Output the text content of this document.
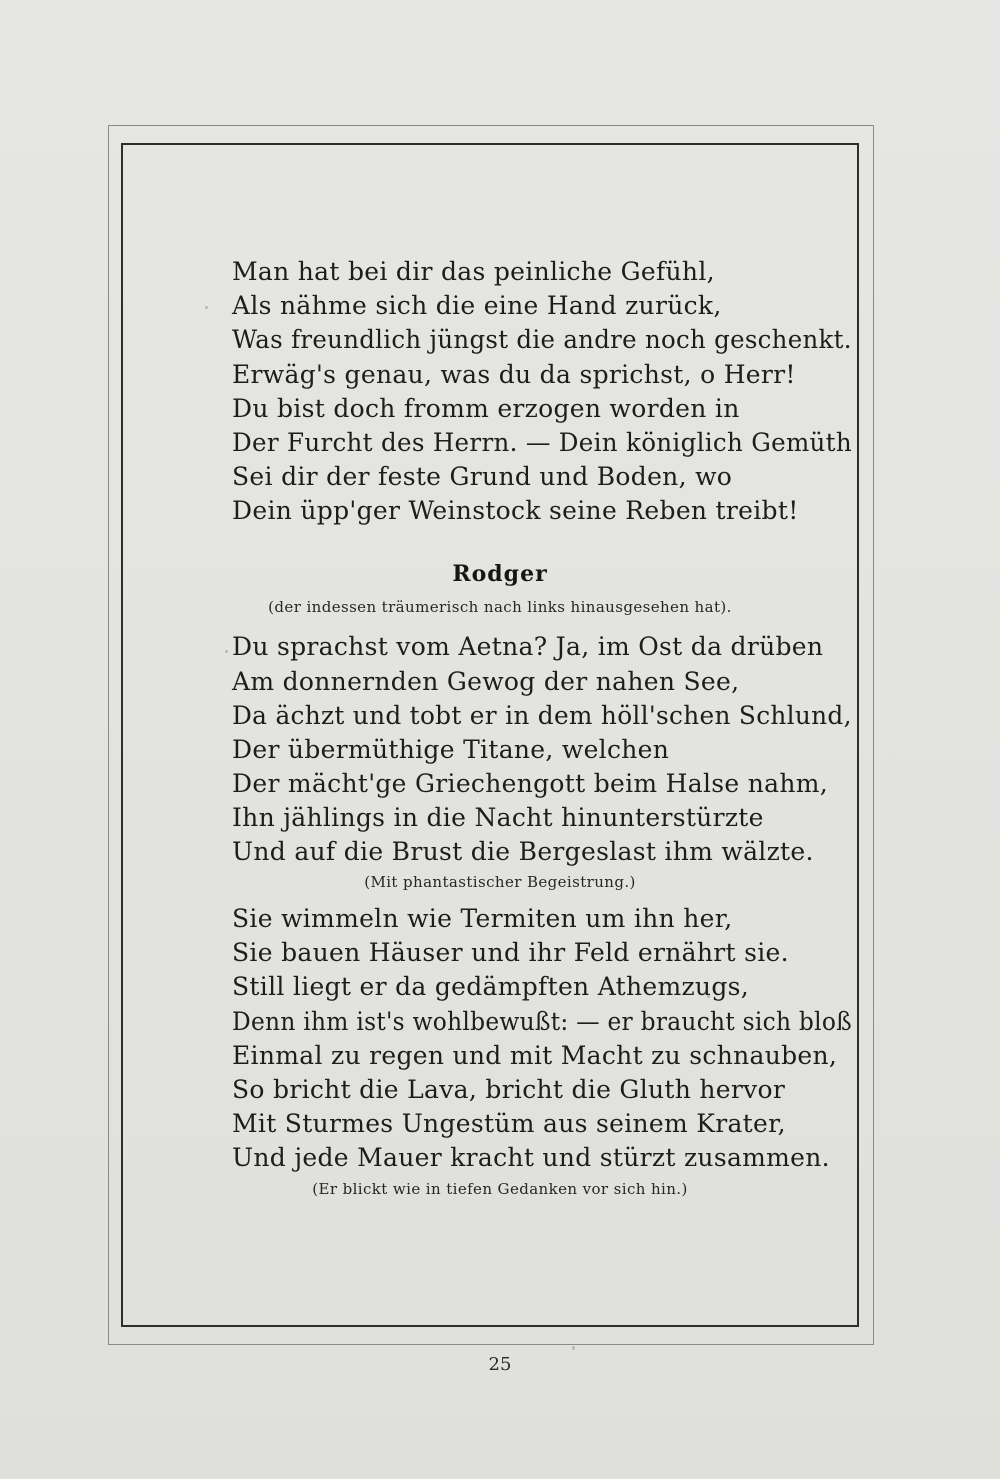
Man hat bei dir das peinliche Gefühl,
Als nähme sich die eine Hand zurück,
Was freundlich jüngst die andre noch geschenkt.
Erwäg's genau, was du da sprichst, o Herr!
Du bist doch fromm erzogen worden in
Der Furcht des Herrn. — Dein königlich Gemüth
Sei dir der feste Grund und Boden, wo
Dein üpp'ger Weinstock seine Reben treibt!
Rodger
(der indessen träumerisch nach links hinausgesehen hat).
Du sprachst vom Aetna? Ja, im Ost da drüben
Am donnernden Gewog der nahen See,
Da ächzt und tobt er in dem höll'schen Schlund,
Der übermüthige Titane, welchen
Der mächt'ge Griechengott beim Halse nahm,
Ihn jählings in die Nacht hinunterstürzte
Und auf die Brust die Bergeslast ihm wälzte.
(Mit phantastischer Begeistrung.)
Sie wimmeln wie Termiten um ihn her,
Sie bauen Häuser und ihr Feld ernährt sie.
Still liegt er da gedämpften Athemzugs,
Denn ihm ist's wohlbewußt: — er braucht sich bloß
Einmal zu regen und mit Macht zu schnauben,
So bricht die Lava, bricht die Gluth hervor
Mit Sturmes Ungestüm aus seinem Krater,
Und jede Mauer kracht und stürzt zusammen.
(Er blickt wie in tiefen Gedanken vor sich hin.)
25
